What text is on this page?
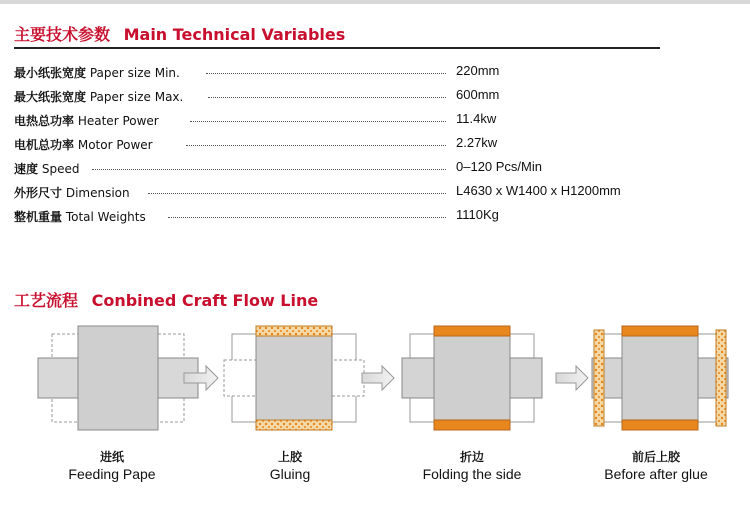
主要技术参数 Main Technical Variables
最小纸张宽度 Paper size Min.	220mm
最大纸张宽度 Paper size Max.	600mm
电热总功率 Heater Power	11.4kw
电机总功率 Motor Power	2.27kw
速度 Speed	0–120 Pcs/Min
外形尺寸 Dimension	L4630 x W1400 x H1200mm
整机重量 Total Weights	1110Kg
工艺流程 Conbined Craft Flow Line
进纸
Feeding Pape
上胶
Gluing
折边
Folding the side
前后上胶
Before after glue
